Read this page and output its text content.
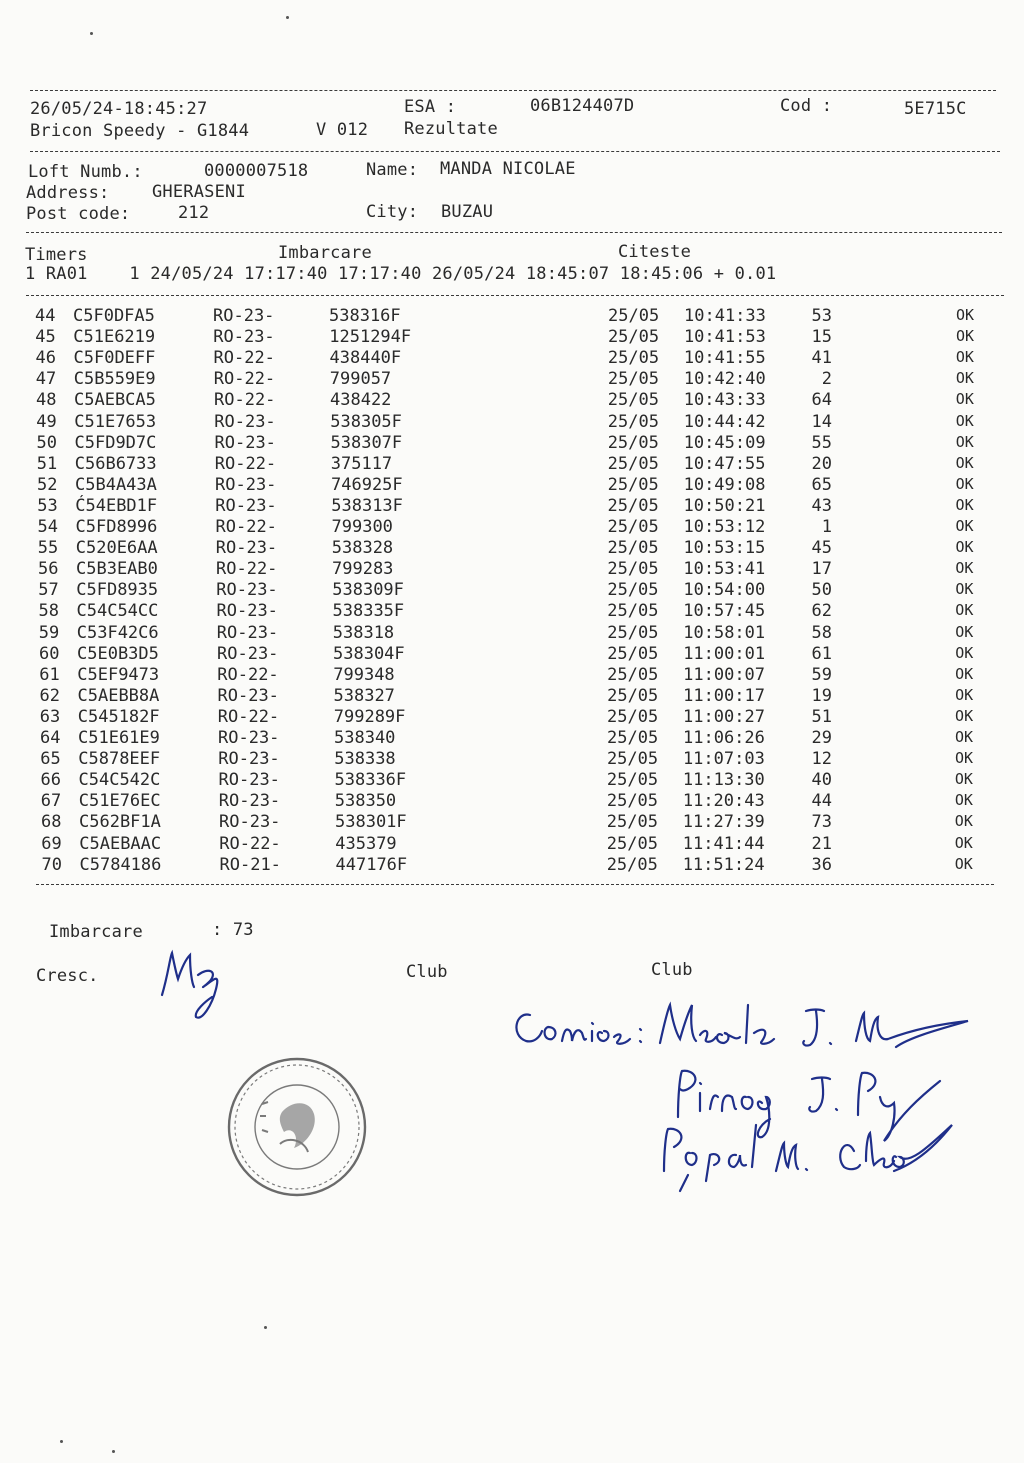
26/05/24-18:45:27	ESA :	06B124407D	Cod :	5E715C
Bricon Speedy - G1844	V 012 Rezultate
Loft Numb.:	0000007518	Name: MANDA NICOLAE
Address:	GHERASENI
Post code:	212	City: BUZAU
Timers	Imbarcare	Citeste
1 RA01    1 24/05/24 17:17:40 17:17:40 26/05/24 18:45:07 18:45:06 + 0.01
44 C5F0DFA5	RO-23-	538316F	25/05 10:41:33	53	OK
45 C51E6219	RO-23-	1251294F	25/05 10:41:53	15	OK
46 C5F0DEFF	RO-22-	438440F	25/05 10:41:55	41	OK
47 C5B559E9	RO-22-	799057	25/05 10:42:40	2	OK
48 C5AEBCA5	RO-22-	438422	25/05 10:43:33	64	OK
49 C51E7653	RO-23-	538305F	25/05 10:44:42	14	OK
50 C5FD9D7C	RO-23-	538307F	25/05 10:45:09	55	OK
51 C56B6733	RO-22-	375117	25/05 10:47:55	20	OK
52 C5B4A43A	RO-23-	746925F	25/05 10:49:08	65	OK
53 Ć54EBD1F	RO-23-	538313F	25/05 10:50:21	43	OK
54 C5FD8996	RO-22-	799300	25/05 10:53:12	1	OK
55 C520E6AA	RO-23-	538328	25/05 10:53:15	45	OK
56 C5B3EAB0	RO-22-	799283	25/05 10:53:41	17	OK
57 C5FD8935	RO-23-	538309F	25/05 10:54:00	50	OK
58 C54C54CC	RO-23-	538335F	25/05 10:57:45	62	OK
59 C53F42C6	RO-23-	538318	25/05 10:58:01	58	OK
60 C5E0B3D5	RO-23-	538304F	25/05 11:00:01	61	OK
61 C5EF9473	RO-22-	799348	25/05 11:00:07	59	OK
62 C5AEBB8A	RO-23-	538327	25/05 11:00:17	19	OK
63 C545182F	RO-22-	799289F	25/05 11:00:27	51	OK
64 C51E61E9	RO-23-	538340	25/05 11:06:26	29	OK
65 C5878EEF	RO-23-	538338	25/05 11:07:03	12	OK
66 C54C542C	RO-23-	538336F	25/05 11:13:30	40	OK
67 C51E76EC	RO-23-	538350	25/05 11:20:43	44	OK
68 C562BF1A	RO-23-	538301F	25/05 11:27:39	73	OK
69 C5AEBAAC	RO-22-	435379	25/05 11:41:44	21	OK
70 C5784186	RO-21-	447176F	25/05 11:51:24	36	OK
Imbarcare	: 73
Cresc.	Club	Club
